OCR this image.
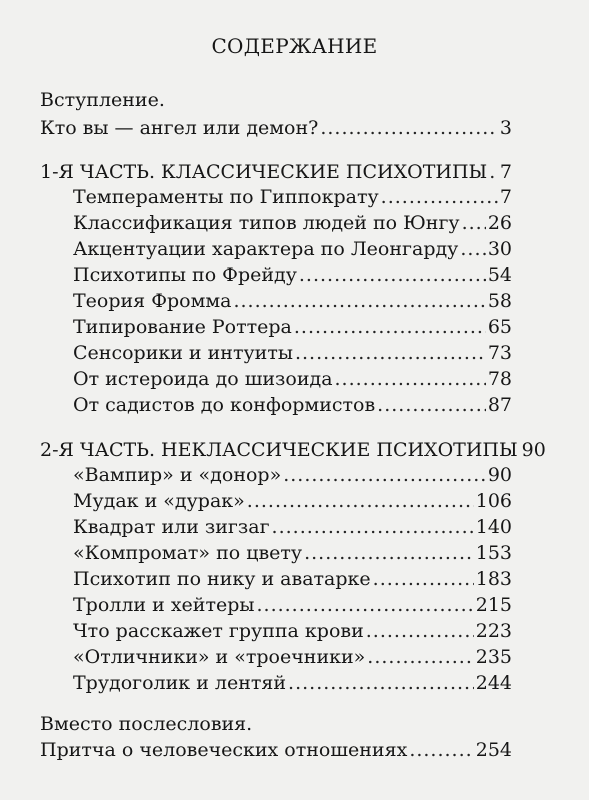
СОДЕРЖАНИЕ
Вступление.
Кто вы — ангел или демон? .....	3
1-Я ЧАСТЬ. КЛАССИЧЕСКИЕ ПСИХОТИПЫ ..... 7
Темпераменты по Гиппократу .....	7
Классификация типов людей по Юнгу ..... 26
Акцентуации характера по Леонгарду ..... 30
Психотипы по Фрейду .....	54
Теория Фромма .....	58
Типирование Роттера .....	65
Сенсорики и интуиты .....	73
От истероида до шизоида .....	78
От садистов до конформистов .....	87
2-Я ЧАСТЬ. НЕКЛАССИЧЕСКИЕ ПСИХОТИПЫ 90
«Вампир» и «донор» .....	90
Мудак и «дурак» .....	106
Квадрат или зигзаг .....	140
«Компромат» по цвету .....	153
Психотип по нику и аватарке .....	183
Тролли и хейтеры .....	215
Что расскажет группа крови .....	223
«Отличники» и «троечники» .....	235
Трудоголик и лентяй .....	244
Вместо послесловия.
Притча о человеческих отношениях .....	254
